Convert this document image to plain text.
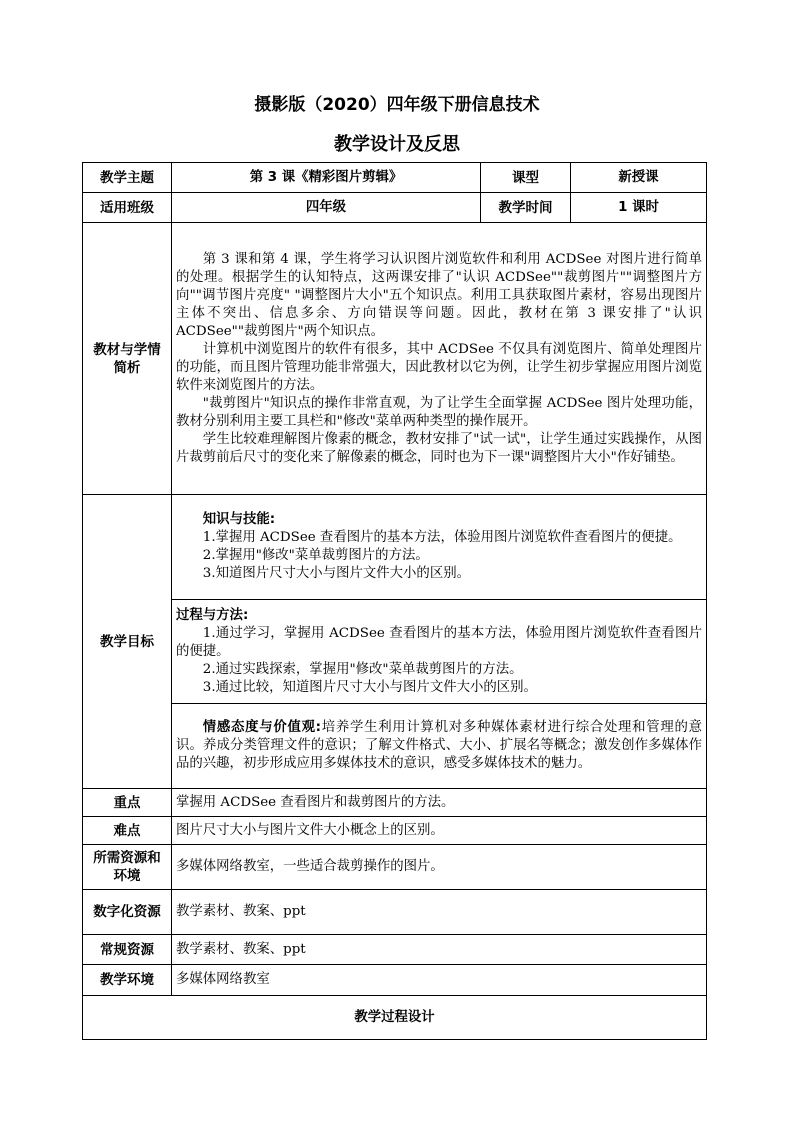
摄影版（2020）四年级下册信息技术
教学设计及反思
教学主题	第 3 课《精彩图片剪辑》	课型	新授课
适用班级	四年级	教学时间	1 课时
教材与学情简析	第 3 课和第 4 课，学生将学习认识图片浏览软件和利用 ACDSee 对图片进行简单的处理。根据学生的认知特点，这两课安排了"认识 ACDSee""裁剪图片""调整图片方向""调节图片亮度" "调整图片大小"五个知识点。利用工具获取图片素材，容易出现图片主体不突出、信息多余、方向错误等问题。因此，教材在第 3 课安排了"认识 ACDSee""裁剪图片"两个知识点。

计算机中浏览图片的软件有很多，其中 ACDSee 不仅具有浏览图片、简单处理图片的功能，而且图片管理功能非常强大，因此教材以它为例，让学生初步掌握应用图片浏览软件来浏览图片的方法。

"裁剪图片"知识点的操作非常直观，为了让学生全面掌握 ACDSee 图片处理功能，教材分别利用主要工具栏和"修改"菜单两种类型的操作展开。

学生比较难理解图片像素的概念，教材安排了"试一试"，让学生通过实践操作，从图片裁剪前后尺寸的变化来了解像素的概念，同时也为下一课"调整图片大小"作好铺垫。		

教学目标	知识与技能:

1.掌握用 ACDSee 查看图片的基本方法，体验用图片浏览软件查看图片的便捷。

2.掌握用"修改"菜单裁剪图片的方法。

3.知道图片尺寸大小与图片文件大小的区别。		

	过程与方法:

1.通过学习，掌握用 ACDSee 查看图片的基本方法，体验用图片浏览软件查看图片的便捷。

2.通过实践探索，掌握用"修改"菜单裁剪图片的方法。

3.通过比较，知道图片尺寸大小与图片文件大小的区别。		

	情感态度与价值观:培养学生利用计算机对多种媒体素材进行综合处理和管理的意识。养成分类管理文件的意识；了解文件格式、大小、扩展名等概念；激发创作多媒体作品的兴趣，初步形成应用多媒体技术的意识，感受多媒体技术的魅力。		

重点	掌握用 ACDSee 查看图片和裁剪图片的方法。		
难点	图片尺寸大小与图片文件大小概念上的区别。		
所需资源和环境	多媒体网络教室，一些适合裁剪操作的图片。		
数字化资源	教学素材、教案、ppt		
常规资源	教学素材、教案、ppt		
教学环境	多媒体网络教室		
教学过程设计			
